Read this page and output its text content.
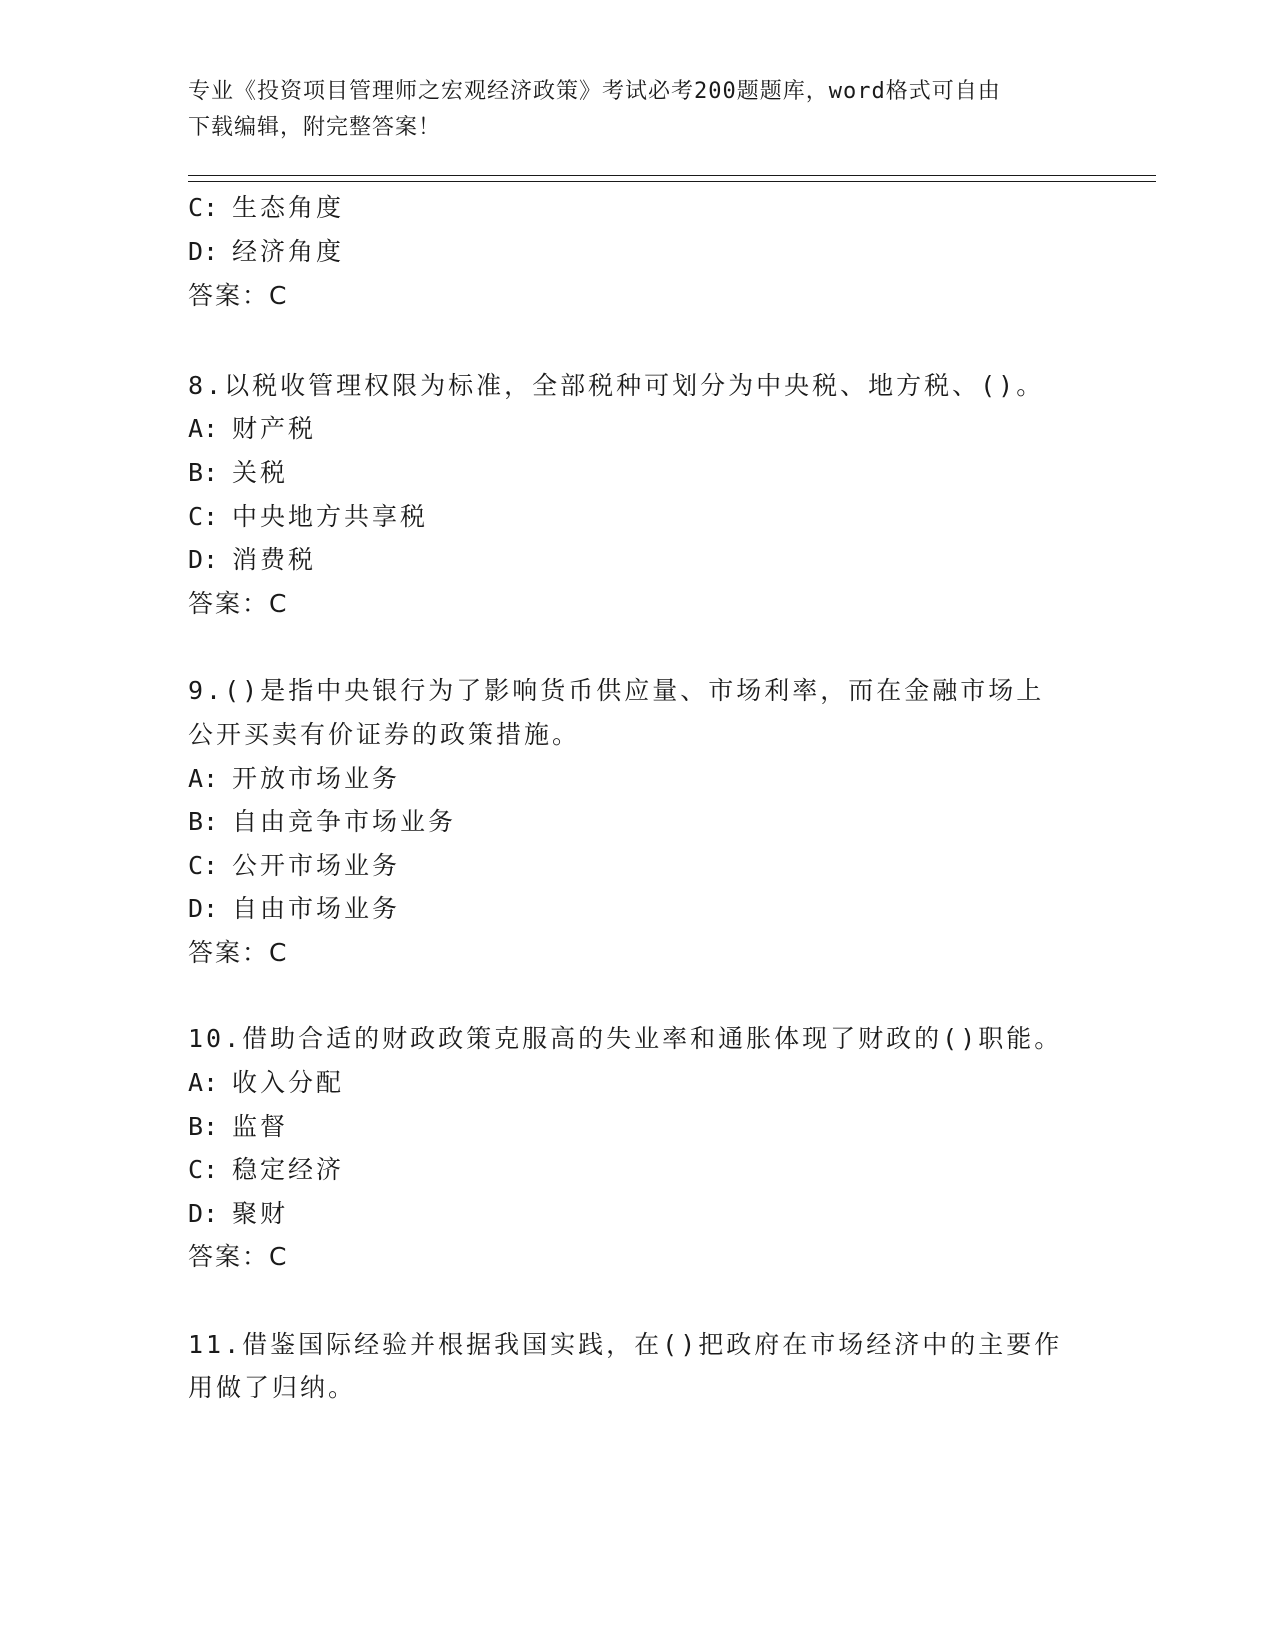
专业《投资项目管理师之宏观经济政策》考试必考200题题库，word格式可自由
下载编辑，附完整答案！
C: 生态角度
D: 经济角度
答案：C
8.以税收管理权限为标准，全部税种可划分为中央税、地方税、()。
A: 财产税
B: 关税
C: 中央地方共享税
D: 消费税
答案：C
9.()是指中央银行为了影响货币供应量、市场利率，而在金融市场上
公开买卖有价证券的政策措施。
A: 开放市场业务
B: 自由竞争市场业务
C: 公开市场业务
D: 自由市场业务
答案：C
10.借助合适的财政政策克服高的失业率和通胀体现了财政的()职能。
A: 收入分配
B: 监督
C: 稳定经济
D: 聚财
答案：C
11.借鉴国际经验并根据我国实践，在()把政府在市场经济中的主要作
用做了归纳。
